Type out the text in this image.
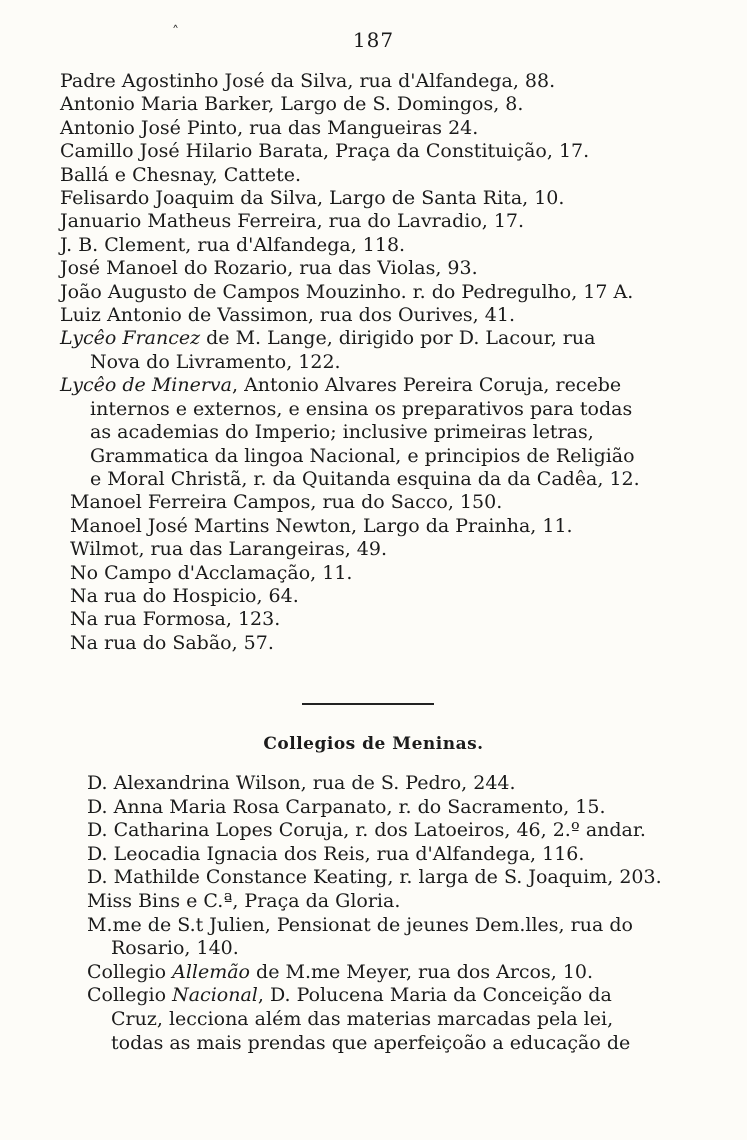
˄	187
Padre Agostinho José da Silva, rua d'Alfandega, 88.
Antonio Maria Barker, Largo de S. Domingos, 8.
Antonio José Pinto, rua das Mangueiras 24.
Camillo José Hilario Barata, Praça da Constituição, 17.
Ballá e Chesnay, Cattete.
Felisardo Joaquim da Silva, Largo de Santa Rita, 10.
Januario Matheus Ferreira, rua do Lavradio, 17.
J. B. Clement, rua d'Alfandega, 118.
José Manoel do Rozario, rua das Violas, 93.
João Augusto de Campos Mouzinho. r. do Pedregulho, 17 A.
Luiz Antonio de Vassimon, rua dos Ourives, 41.
Lycêo Francez de M. Lange, dirigido por D. Lacour, rua
Nova do Livramento, 122.
Lycêo de Minerva, Antonio Alvares Pereira Coruja, recebe
internos e externos, e ensina os preparativos para todas
as academias do Imperio; inclusive primeiras letras,
Grammatica da lingoa Nacional, e principios de Religião
e Moral Christã, r. da Quitanda esquina da da Cadêa, 12.
Manoel Ferreira Campos, rua do Sacco, 150.
Manoel José Martins Newton, Largo da Prainha, 11.
Wilmot, rua das Larangeiras, 49.
No Campo d'Acclamação, 11.
Na rua do Hospicio, 64.
Na rua Formosa, 123.
Na rua do Sabão, 57.
Collegios de Meninas.
D. Alexandrina Wilson, rua de S. Pedro, 244.
D. Anna Maria Rosa Carpanato, r. do Sacramento, 15.
D. Catharina Lopes Coruja, r. dos Latoeiros, 46, 2.º andar.
D. Leocadia Ignacia dos Reis, rua d'Alfandega, 116.
D. Mathilde Constance Keating, r. larga de S. Joaquim, 203.
Miss Bins e C.ª, Praça da Gloria.
M.me de S.t Julien, Pensionat de jeunes Dem.lles, rua do
Rosario, 140.
Collegio Allemão de M.me Meyer, rua dos Arcos, 10.
Collegio Nacional, D. Polucena Maria da Conceição da
Cruz, lecciona além das materias marcadas pela lei,
todas as mais prendas que aperfeiçoão a educação de
